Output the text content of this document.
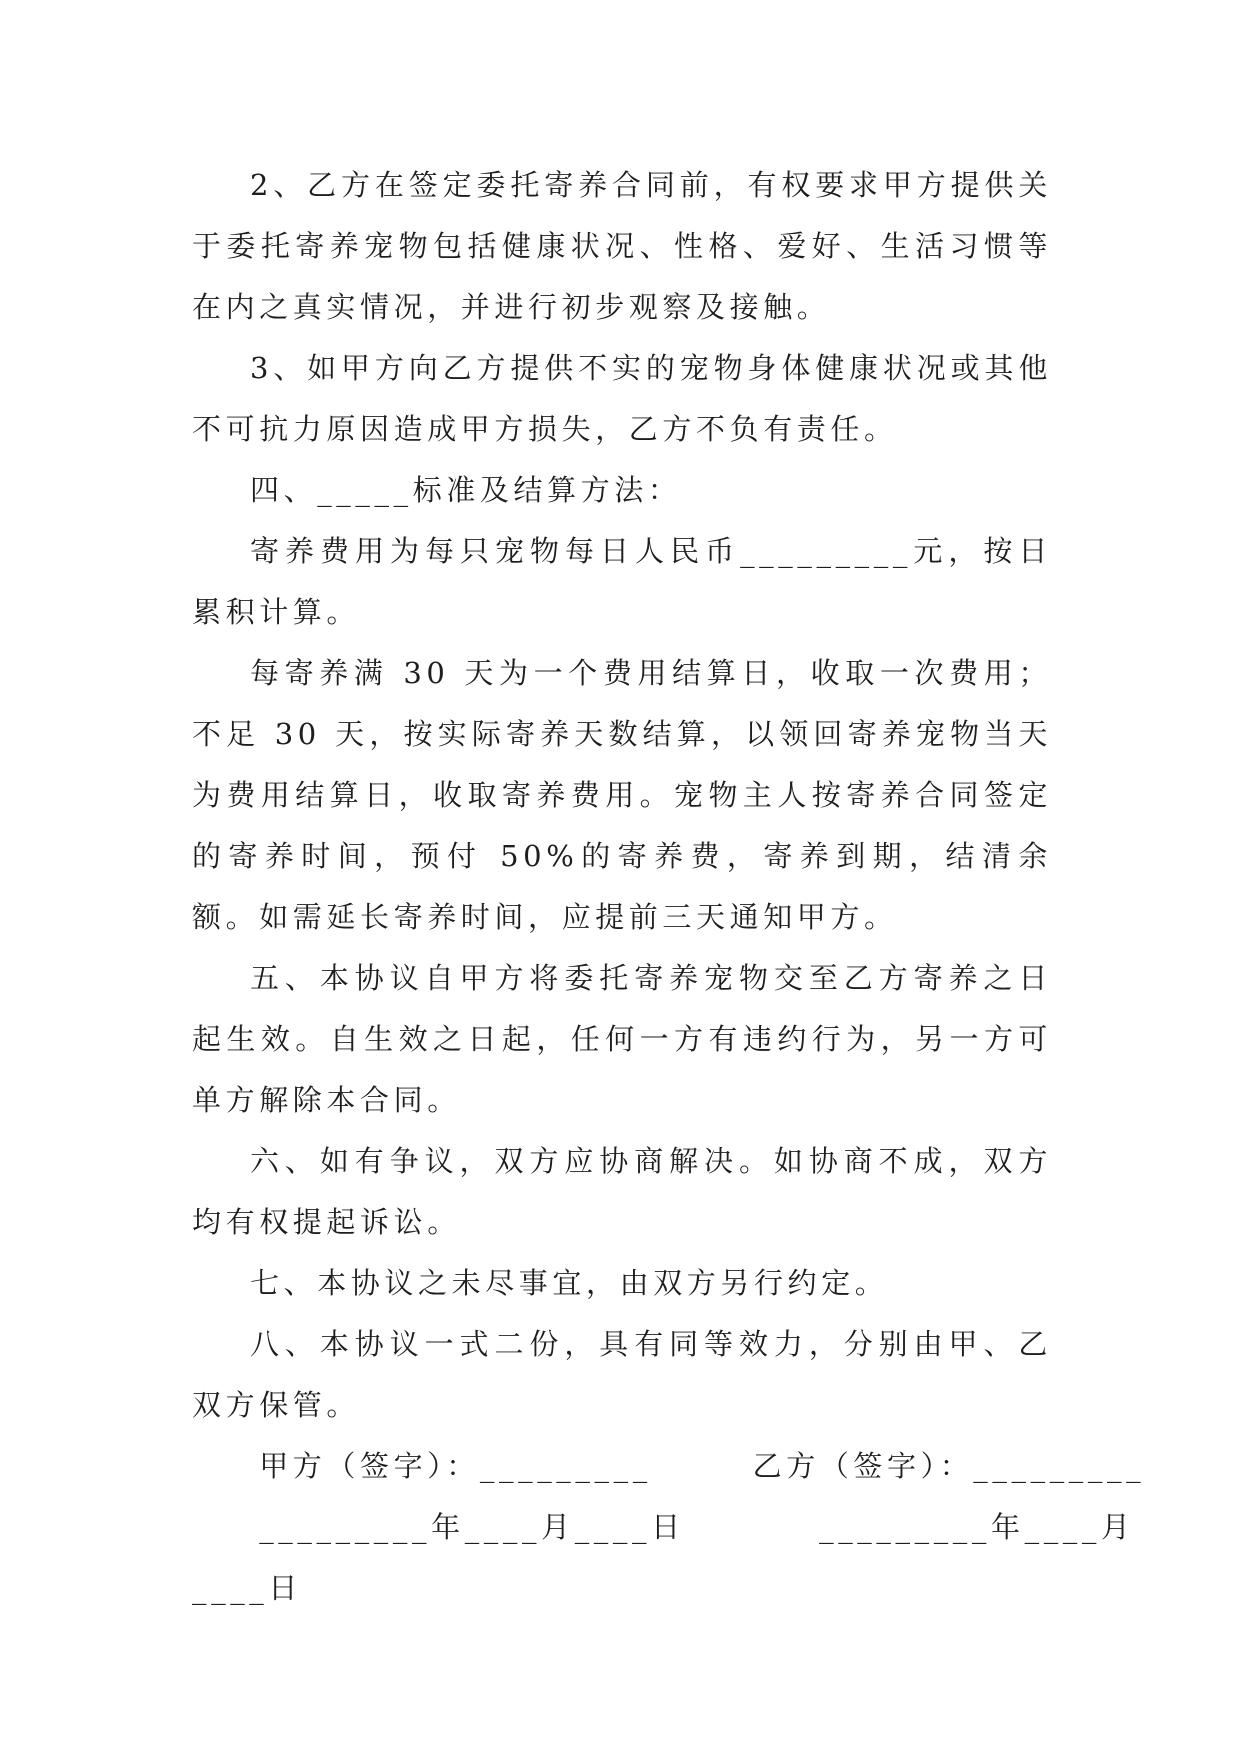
2、乙方在签定委托寄养合同前，有权要求甲方提供关于委托寄养宠物包括健康状况、性格、爱好、生活习惯等在内之真实情况，并进行初步观察及接触。

3、如甲方向乙方提供不实的宠物身体健康状况或其他不可抗力原因造成甲方损失，乙方不负有责任。

四、_____标准及结算方法：

寄养费用为每只宠物每日人民币_________元，按日累积计算。

每寄养满 30 天为一个费用结算日，收取一次费用；不足 30 天，按实际寄养天数结算，以领回寄养宠物当天为费用结算日，收取寄养费用。宠物主人按寄养合同签定的寄养时间，预付 50%的寄养费，寄养到期，结清余额。如需延长寄养时间，应提前三天通知甲方。

五、本协议自甲方将委托寄养宠物交至乙方寄养之日起生效。自生效之日起，任何一方有违约行为，另一方可单方解除本合同。

六、如有争议，双方应协商解决。如协商不成，双方均有权提起诉讼。

七、本协议之未尽事宜，由双方另行约定。

八、本协议一式二份，具有同等效力，分别由甲、乙双方保管。

　　甲方（签字）：_________　　　乙方（签字）：_________

　　_________年____月____日　　　　_________年____月

____日
